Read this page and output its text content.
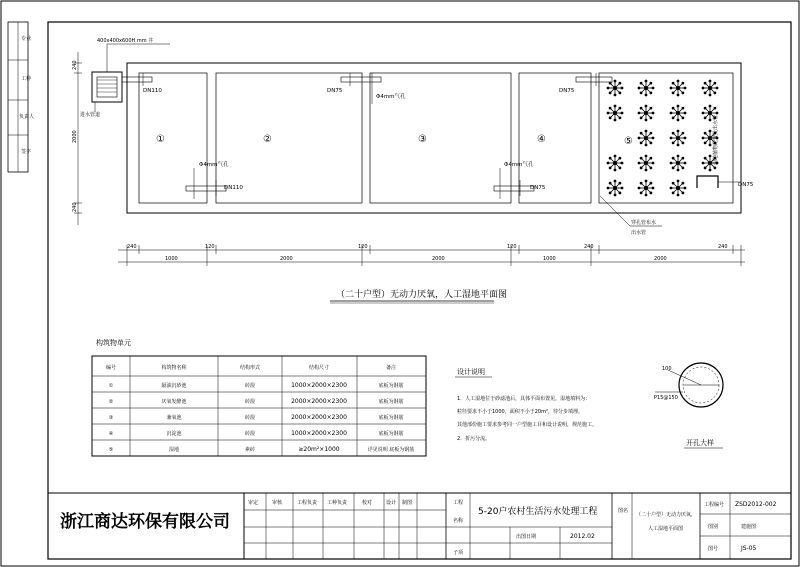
专业
工种
负责人
签字
400x400x600H mm 井
进水管道
DN110	DN75
Φ4mm气孔
DN75
Φ4mm气孔
DN110
Φ4mm气孔
DN75	DN75
湿地植物配置及出水管
穿孔管布水
出水管
①	②	③	④	⑤
240
2000
240
240	120	120	120	240	240
1000	2000	2000	1000	2000
（二十户型）无动力厌氧，人工湿地平面图
构筑物单元
编号	构筑物名称	结构形式	结构尺寸	备注
①	隔油沉砂池	砖混	1000×2000×2300	底板为钢筋
②	厌氧发酵池	砖混	2000×2000×2300	底板为钢筋
③	兼氧池	砖混	2000×2000×2300	底板为钢筋
④	沉淀池	砖混	1000×2000×2300	底板为钢筋
⑤	湿地	素砖	≥20m²×1000	详见说明 底板为钢筋
设计说明
1．人工湿地位于砂滤池后，具体平面布置见，湿地填料为：
粒径要求不小于1000，面积不小于20m²，待分步填埋。
其他部份施工要求参考同一户型施工目和设计说明，规范施工。
2．折污分流。
100
P15@150
开孔大样
浙江商达环保有限公司
审定	审核	工程负责 工种负责	校对	设计 制图	工程
名称
子项
5-20户农村生活污水处理工程
出图日期	2012.02
图名
（二十户型）无动力厌氧，
人工湿地平面图
工程编号 ZSD2012-002
图别	建施图
图号	JS-05
